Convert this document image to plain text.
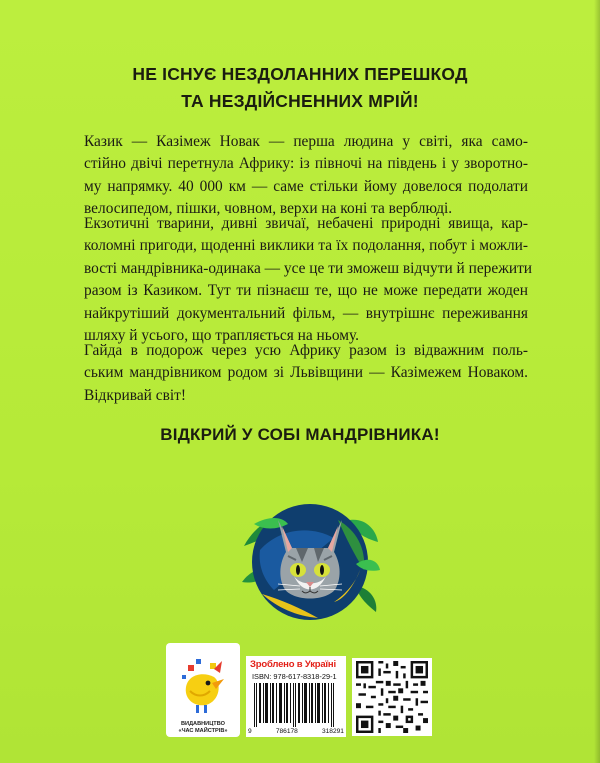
НЕ ІСНУЄ НЕЗДОЛАННИХ ПЕРЕШКОД
ТА НЕЗДІЙСНЕННИХ МРІЙ!

Казик — Казімеж Новак — перша людина у світі, яка само-
стійно двічі перетнула Африку: із півночі на південь і у зворотно-
му напрямку. 40 000 км — саме стільки йому довелося подолати
велосипедом, пішки, човном, верхи на коні та верблюді.

Екзотичні тварини, дивні звичаї, небачені природні явища, кар-
коломні пригоди, щоденні виклики та їх подолання, побут і можли-
вості мандрівника-одинака — усе це ти зможеш відчути й пережити
разом із Казиком. Тут ти пізнаєш те, що не може передати жоден
найкрутіший документальний фільм, — внутрішнє переживання
шляху й усього, що трапляється на ньому.

Гайда в подорож через усю Африку разом із відважним поль-
ським мандрівником родом зі Львівщини — Казімежем Новаком.
Відкривай світ!

ВІДКРИЙ У СОБІ МАНДРІВНИКА!
ВИДАВНИЦТВО
«ЧАС МАЙСТРІВ»
Зроблено в Україні
ISBN: 978-617-8318-29-1
9	786178	318291
